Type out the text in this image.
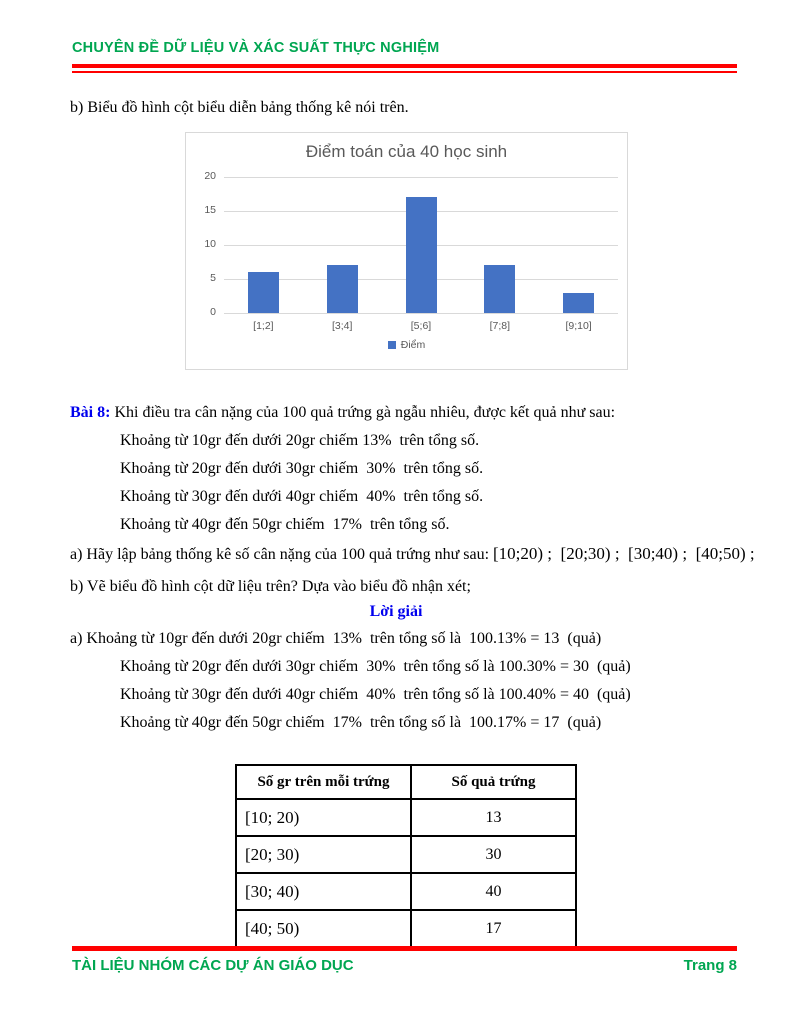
CHUYÊN ĐỀ DỮ LIỆU VÀ XÁC SUẤT THỰC NGHIỆM
b) Biểu đồ hình cột biểu diễn bảng thống kê nói trên.
Điểm toán của 40 học sinh
Điểm
0
5
10
15
20
[1;2]	[3;4]	[5;6]	[7;8]	[9;10]
Bài 8: Khi điều tra cân nặng của 100 quả trứng gà ngẫu nhiêu, được kết quả như sau:
Khoảng từ 10gr đến dưới 20gr chiếm 13%  trên tổng số.
Khoảng từ 20gr đến dưới 30gr chiếm  30%  trên tổng số.
Khoảng từ 30gr đến dưới 40gr chiếm  40%  trên tổng số.
Khoảng từ 40gr đến 50gr chiếm  17%  trên tổng số.
a) Hãy lập bảng thống kê số cân nặng của 100 quả trứng như sau: [10;20) ;  [20;30) ;  [30;40) ;  [40;50) ;
b) Vẽ biểu đồ hình cột dữ liệu trên? Dựa vào biểu đồ nhận xét;
Lời giải
a) Khoảng từ 10gr đến dưới 20gr chiếm  13%  trên tổng số là  100.13% = 13  (quả)
Khoảng từ 20gr đến dưới 30gr chiếm  30%  trên tổng số là 100.30% = 30  (quả)
Khoảng từ 30gr đến dưới 40gr chiếm  40%  trên tổng số là 100.40% = 40  (quả)
Khoảng từ 40gr đến 50gr chiếm  17%  trên tổng số là  100.17% = 17  (quả)
Số gr trên mỗi trứng	Số quả trứng
[10; 20)	13
[20; 30)	30
[30; 40)	40
[40; 50)	17
TÀI LIỆU NHÓM CÁC DỰ ÁN GIÁO DỤC	Trang 8
